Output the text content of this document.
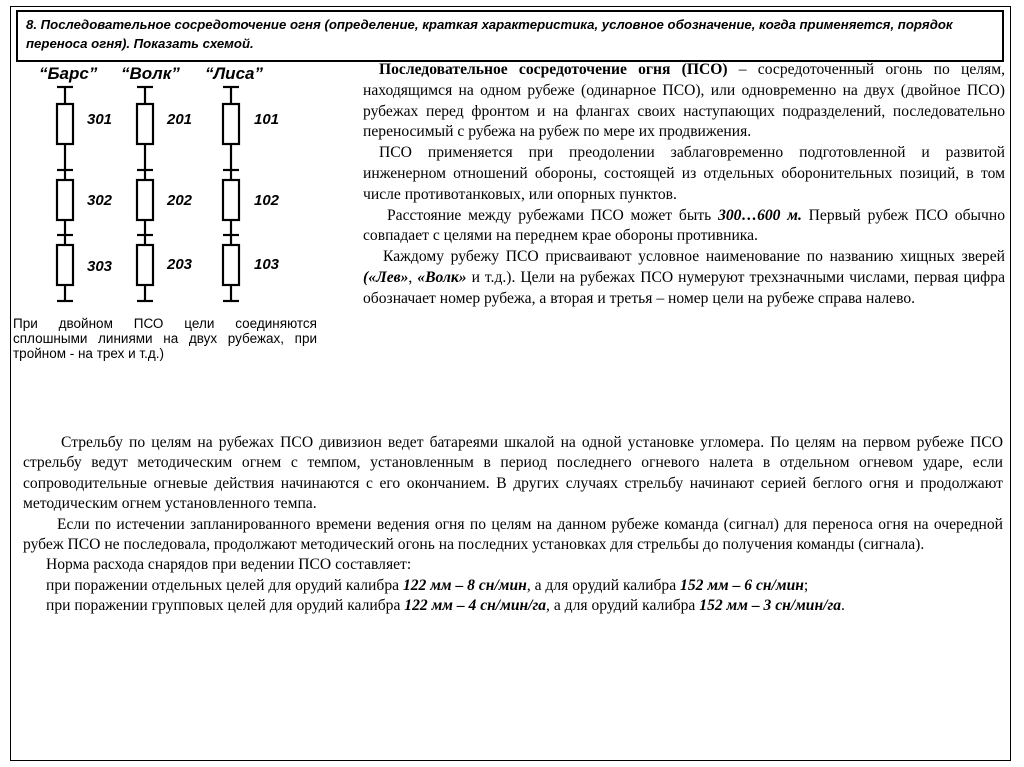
8. Последовательное сосредоточение огня (определение, краткая характеристика, условное обозначение, когда применяется, порядок переноса огня). Показать схемой.
“Барс” “Волк” “Лиса”
301
302
303
201
202
203
101
102
103
При двойном ПСО цели соединяются сплошными линиями на двух рубежах, при тройном - на трех и т.д.)

Последовательное сосредоточение огня (ПСО) – сосредоточенный огонь по целям, находящимся на одном рубеже (одинарное ПСО), или одновременно на двух (двойное ПСО) рубежах перед фронтом и на флангах своих наступающих подразделений, последовательно переносимый с рубежа на рубеж по мере их продвижения.

ПСО применяется при преодолении заблаговременно подготовленной и развитой инженерном отношений обороны, состоящей из отдельных оборонительных позиций, в том числе противотанковых, или опорных пунктов.

Расстояние между рубежами ПСО может быть 300…600 м. Первый рубеж ПСО обычно совпадает с целями на переднем крае обороны противника.

Каждому рубежу ПСО присваивают условное наименование по названию хищных зверей («Лев», «Волк» и т.д.). Цели на рубежах ПСО нумеруют трехзначными числами, первая цифра обозначает номер рубежа, а вторая и третья – номер цели на рубеже справа налево.

Стрельбу по целям на рубежах ПСО дивизион ведет батареями шкалой на одной установке угломера. По целям на первом рубеже ПСО стрельбу ведут методическим огнем с темпом, установленным в период последнего огневого налета в отдельном огневом ударе, если сопроводительные огневые действия начинаются с его окончанием. В других случаях стрельбу начинают серией беглого огня и продолжают методическим огнем установленного темпа.

Если по истечении запланированного времени ведения огня по целям на данном рубеже команда (сигнал) для переноса огня на очередной рубеж ПСО не последовала, продолжают методический огонь на последних установках для стрельбы до получения команды (сигнала).

Норма расхода снарядов при ведении ПСО составляет:

при поражении отдельных целей для орудий калибра 122 мм – 8 сн/мин, а для орудий калибра 152 мм – 6 сн/мин;

при поражении групповых целей для орудий калибра 122 мм – 4 сн/мин/га, а для орудий калибра 152 мм – 3 сн/мин/га.
